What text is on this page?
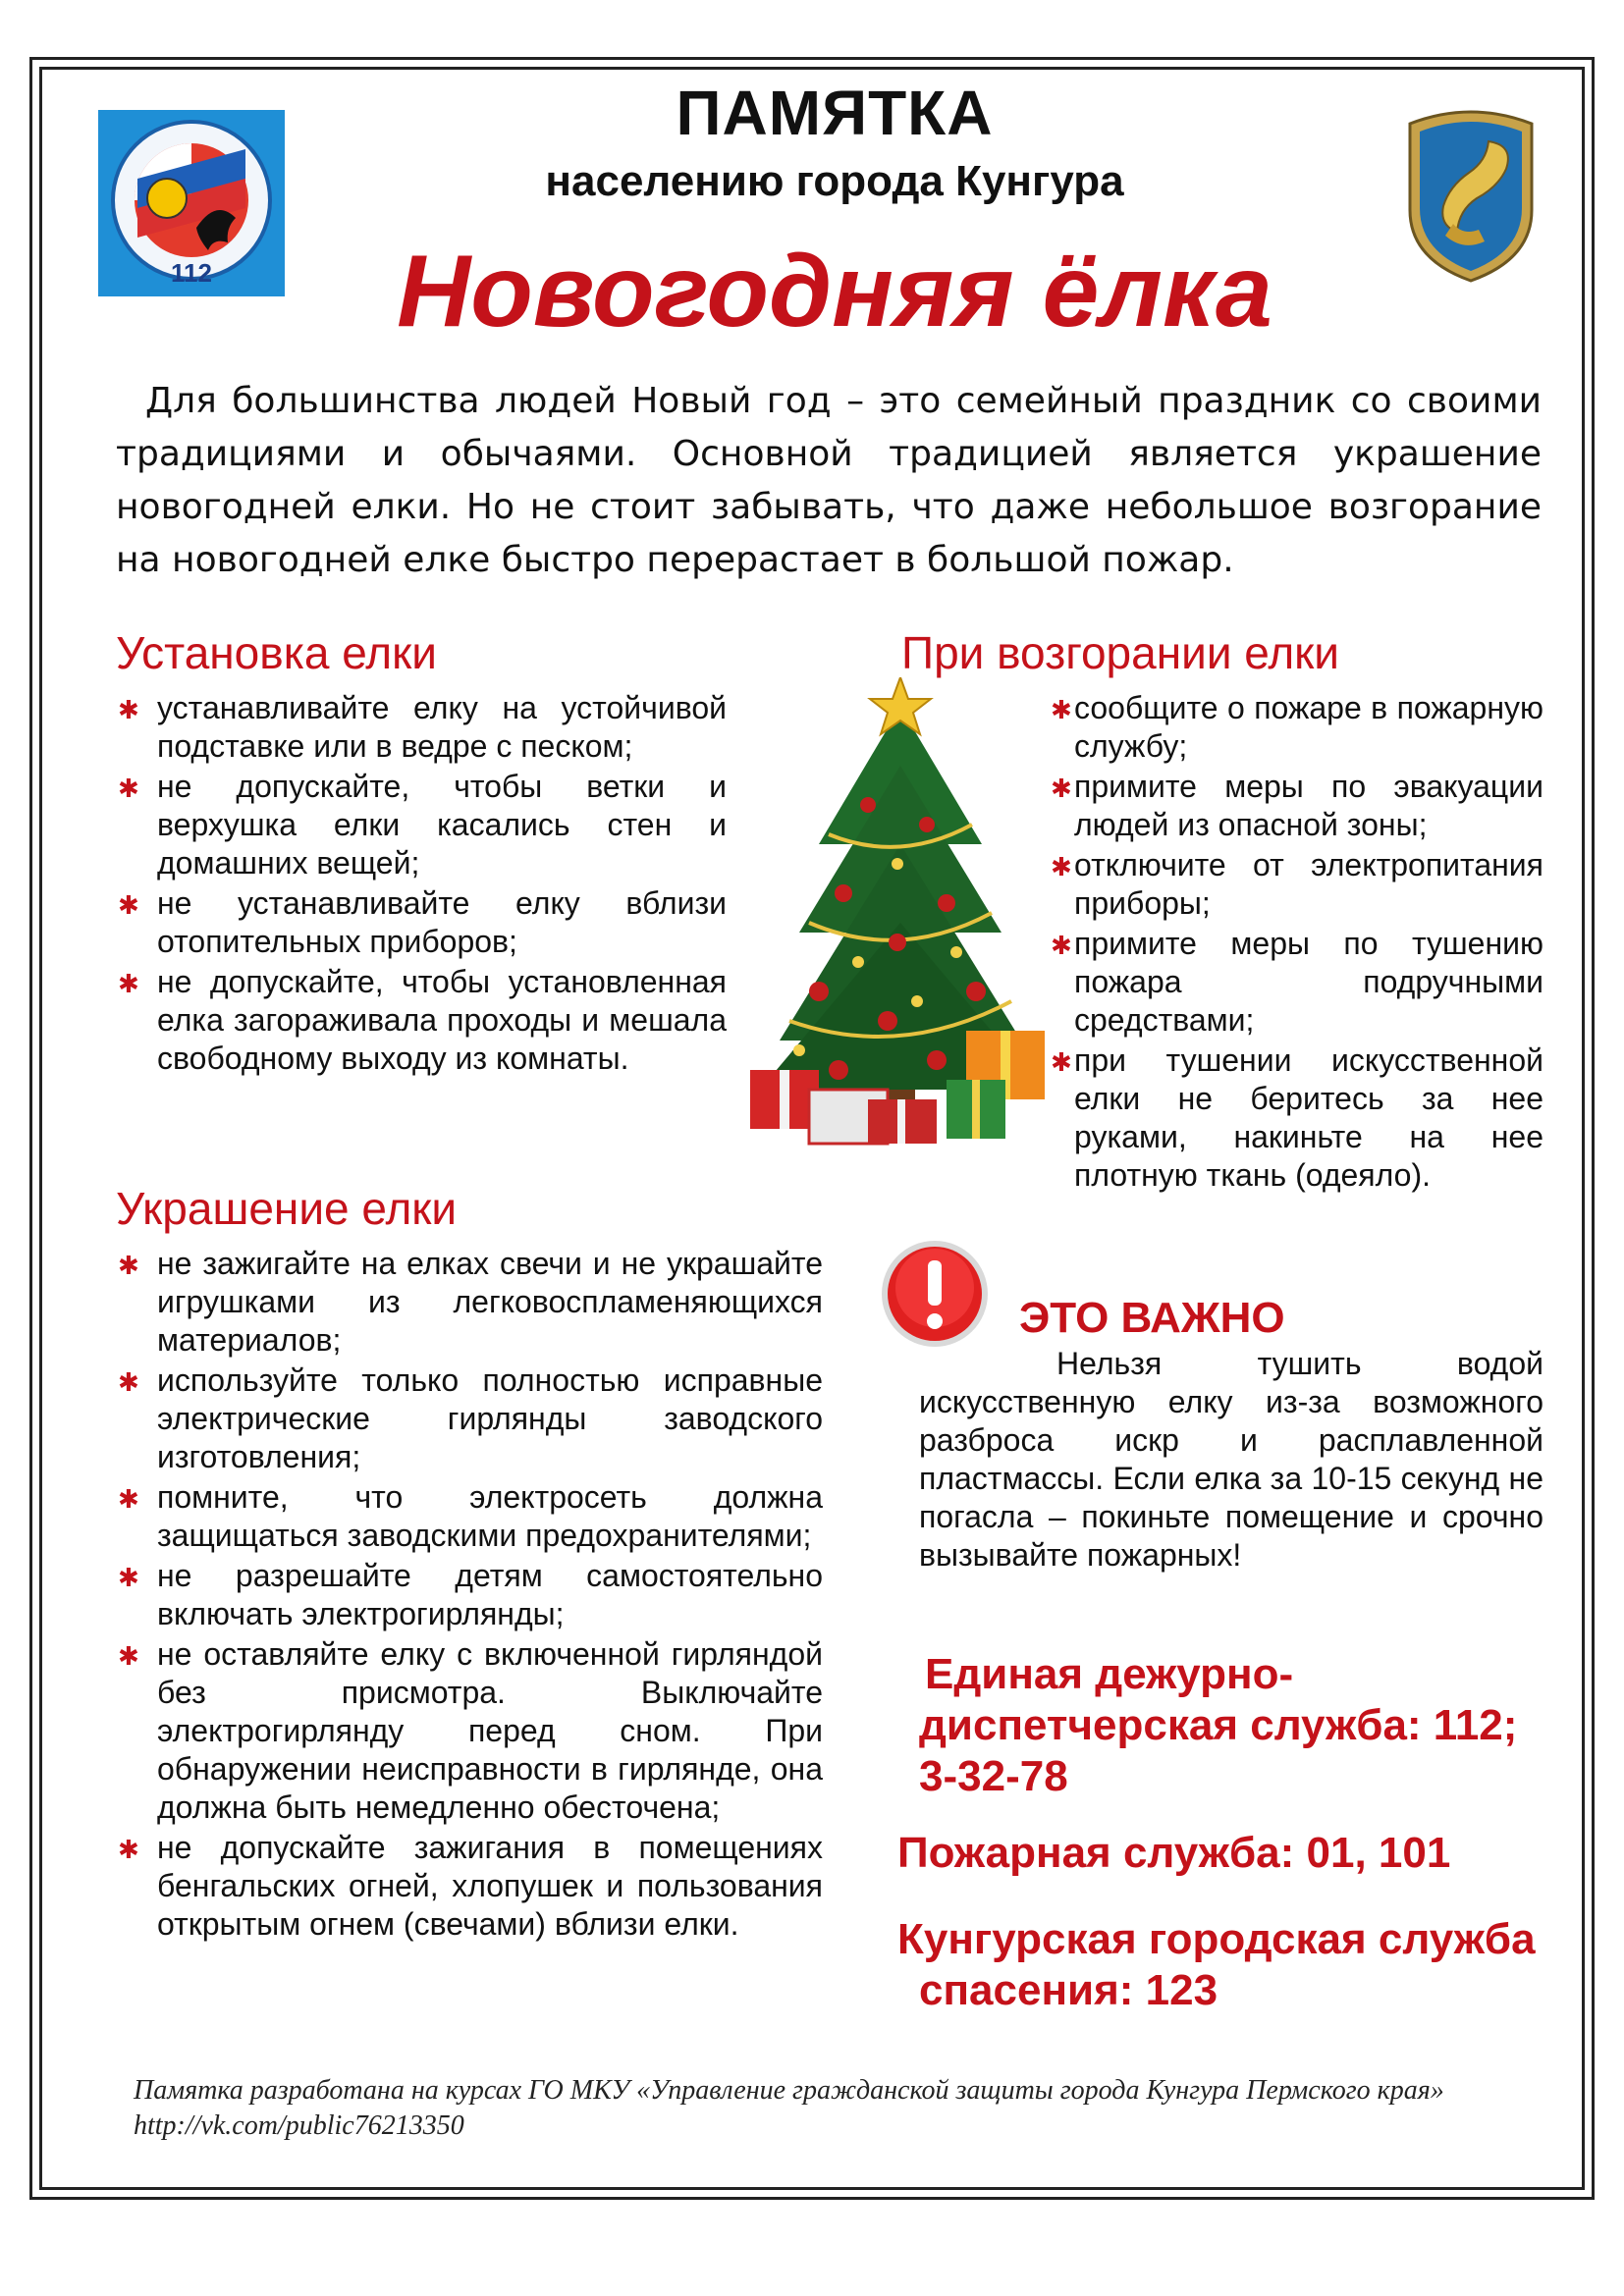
112
ПАМЯТКА
населению города Кунгура
Новогодняя ёлка
Для большинства людей Новый год – это семейный праздник со своими традициями и обычаями. Основной традицией является украшение новогодней елки. Но не стоит забывать, что даже небольшое возгорание на новогодней елке быстро перерастает в большой пожар.
Установка елки
✱ устанавливайте елку на устойчивой подставке или в ведре с песком;
✱ не допускайте, чтобы ветки и верхушка елки касались стен и домашних вещей;
✱ не устанавливайте елку вблизи отопительных приборов;
✱ не допускайте, чтобы установленная елка загораживала проходы и мешала свободному выходу из комнаты.
При возгорании елки
✱ сообщите о пожаре в пожарную службу;
✱ примите меры по эвакуации людей из опасной зоны;
✱ отключите от электропитания приборы;
✱ примите меры по тушению пожара подручными средствами;
✱ при тушении искусственной елки не беритесь за нее руками, накиньте на нее плотную ткань (одеяло).
Украшение елки
✱ не зажигайте на елках свечи и не украшайте игрушками из легковоспламеняющихся материалов;
✱ используйте только полностью исправные электрические гирлянды заводского изготовления;
✱ помните, что электросеть должна защищаться заводскими предохранителями;
✱ не разрешайте детям самостоятельно включать электрогирлянды;
✱ не оставляйте елку с включенной гирляндой без присмотра. Выключайте электрогирлянду перед сном. При обнаружении неисправности в гирлянде, она должна быть немедленно обесточена;
✱ не допускайте зажигания в помещениях бенгальских огней, хлопушек и пользования открытым огнем (свечами) вблизи елки.
ЭТО ВАЖНО
Нельзя тушить водой искусственную елку из-за возможного разброса искр и расплавленной пластмассы. Если елка за 10-15 секунд не погасла – покиньте помещение и срочно вызывайте пожарных!
Единая дежурно-
диспетчерская служба: 112;
3-32-78
Пожарная служба: 01, 101
Кунгурская городская служба
спасения: 123
Памятка разработана на курсах ГО МКУ «Управление гражданской защиты города Кунгура Пермского края» http://vk.com/public76213350
